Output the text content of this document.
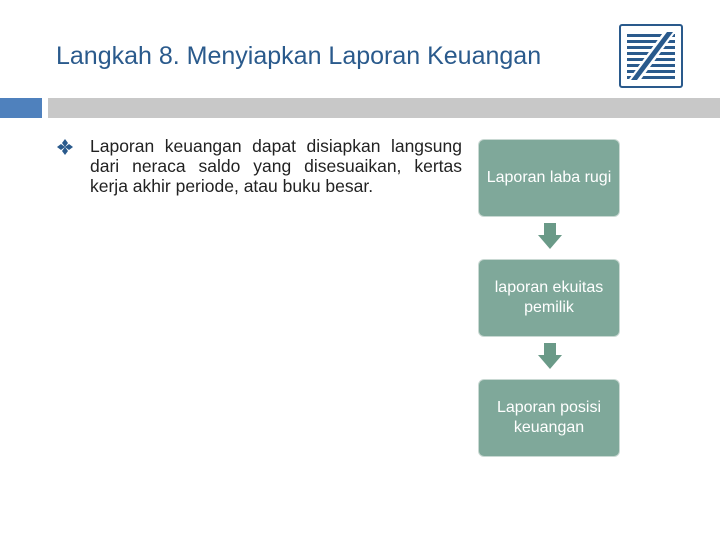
Langkah 8. Menyiapkan Laporan Keuangan
Laporan keuangan dapat disiapkan langsung dari neraca saldo yang disesuaikan, kertas kerja akhir periode, atau buku besar.	Laporan laba rugi
laporan ekuitas pemilik
Laporan posisi keuangan
